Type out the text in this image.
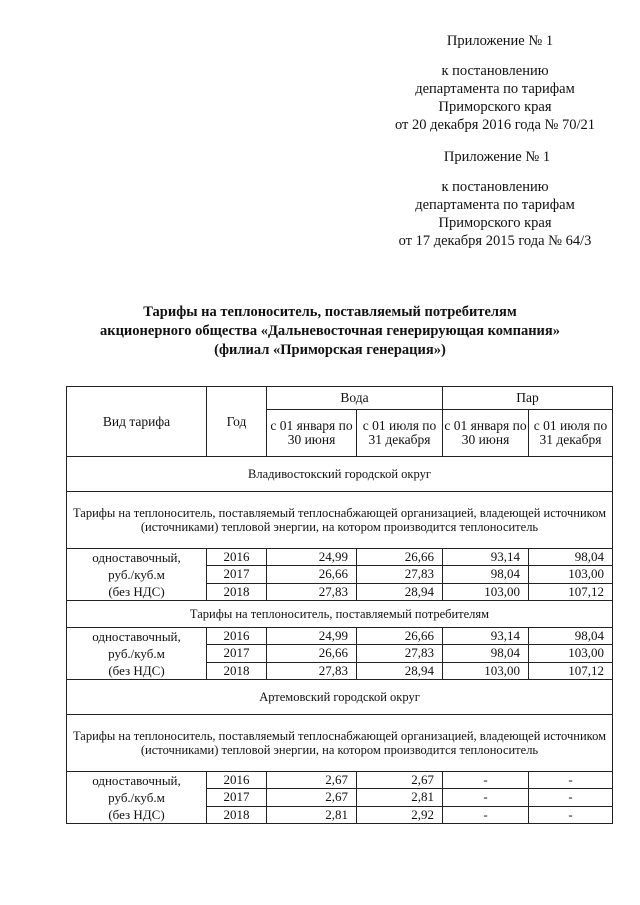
Приложение № 1
к постановлению
департамента по тарифам
Приморского края
от 20 декабря 2016 года № 70/21
Приложение № 1
к постановлению
департамента по тарифам
Приморского края
от 17 декабря 2015 года № 64/3
Тарифы на теплоноситель, поставляемый потребителям
акционерного общества «Дальневосточная генерирующая компания»
(филиал «Приморская генерация»)
Вид тарифа	Год	Вода		Пар	
		с 01 января по 30 июня	с 01 июля по 31 декабря	с 01 января по 30 июня	с 01 июля по 31 декабря
Владивостокский городской округ					
Тарифы на теплоноситель, поставляемый теплоснабжающей организацией, владеющей источником (источниками) тепловой энергии, на котором производится теплоноситель					

одноставочный,
руб./куб.м
(без НДС)	2016	24,99	26,66	93,14	98,04
	2017	26,66	27,83	98,04	103,00
	2018	27,83	28,94	103,00	107,12
Тарифы на теплоноситель, поставляемый потребителям					

одноставочный,
руб./куб.м
(без НДС)	2016	24,99	26,66	93,14	98,04
	2017	26,66	27,83	98,04	103,00
	2018	27,83	28,94	103,00	107,12
Артемовский городской округ					
Тарифы на теплоноситель, поставляемый теплоснабжающей организацией, владеющей источником (источниками) тепловой энергии, на котором производится теплоноситель					

одноставочный,
руб./куб.м
(без НДС)	2016	2,67	2,67	-	-
	2017	2,67	2,81	-	-
	2018	2,81	2,92	-	-
